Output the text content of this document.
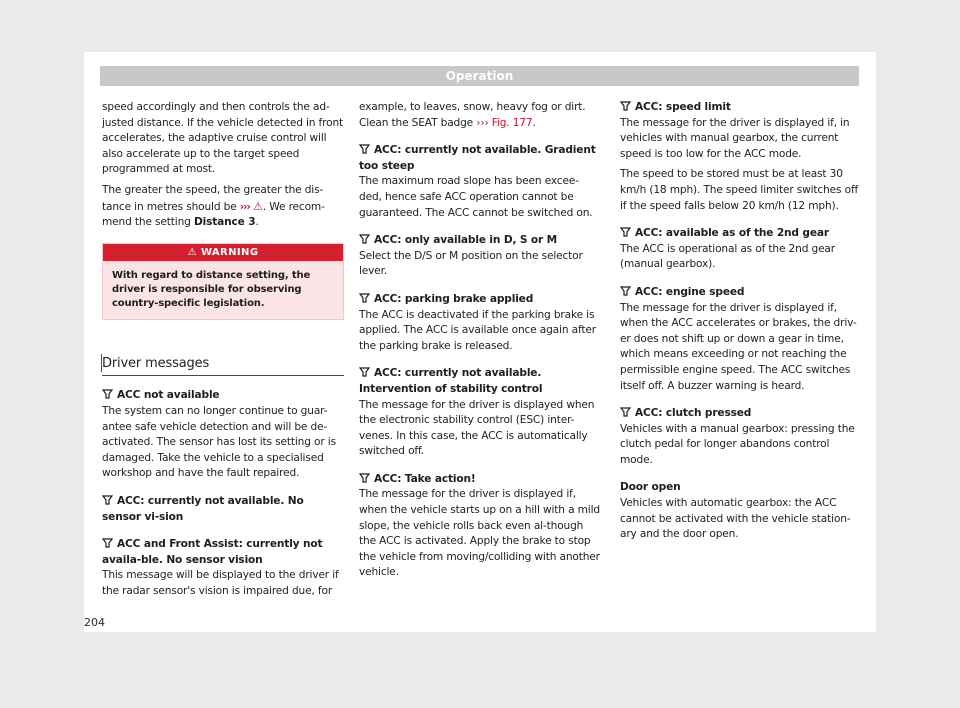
Operation

speed accordingly and then controls the ad-justed distance. If the vehicle detected in front accelerates, the adaptive cruise control will also accelerate up to the target speed programmed at most.

The greater the speed, the greater the dis-tance in metres should be ››› ⚠. We recom-mend the setting Distance 3.

⚠ WARNING
With regard to distance setting, the driver is responsible for observing country-specific legislation.
Driver messages
ACC not available
The system can no longer continue to guar-antee safe vehicle detection and will be de-activated. The sensor has lost its setting or is damaged. Take the vehicle to a specialised workshop and have the fault repaired.
ACC: currently not available. No sensor vi-sion
ACC and Front Assist: currently not availa-ble. No sensor vision
This message will be displayed to the driver if the radar sensor's vision is impaired due, for

example, to leaves, snow, heavy fog or dirt. Clean the SEAT badge ››› Fig. 177.

ACC: currently not available. Gradient too steep
The maximum road slope has been excee-ded, hence safe ACC operation cannot be guaranteed. The ACC cannot be switched on.
ACC: only available in D, S or M
Select the D/S or M position on the selector lever.
ACC: parking brake applied
The ACC is deactivated if the parking brake is applied. The ACC is available once again after the parking brake is released.
ACC: currently not available. Intervention of stability control
The message for the driver is displayed when the electronic stability control (ESC) inter-venes. In this case, the ACC is automatically switched off.
ACC: Take action!
The message for the driver is displayed if, when the vehicle starts up on a hill with a mild slope, the vehicle rolls back even al-though the ACC is activated. Apply the brake to stop the vehicle from moving/colliding with another vehicle.
ACC: speed limit

The message for the driver is displayed if, in vehicles with manual gearbox, the current speed is too low for the ACC mode.

The speed to be stored must be at least 30 km/h (18 mph). The speed limiter switches off if the speed falls below 20 km/h (12 mph).
ACC: available as of the 2nd gear
The ACC is operational as of the 2nd gear (manual gearbox).
ACC: engine speed
The message for the driver is displayed if, when the ACC accelerates or brakes, the driv-er does not shift up or down a gear in time, which means exceeding or not reaching the permissible engine speed. The ACC switches itself off. A buzzer warning is heard.
ACC: clutch pressed
Vehicles with a manual gearbox: pressing the clutch pedal for longer abandons control mode.
Door open
Vehicles with automatic gearbox: the ACC cannot be activated with the vehicle station-ary and the door open.
204
